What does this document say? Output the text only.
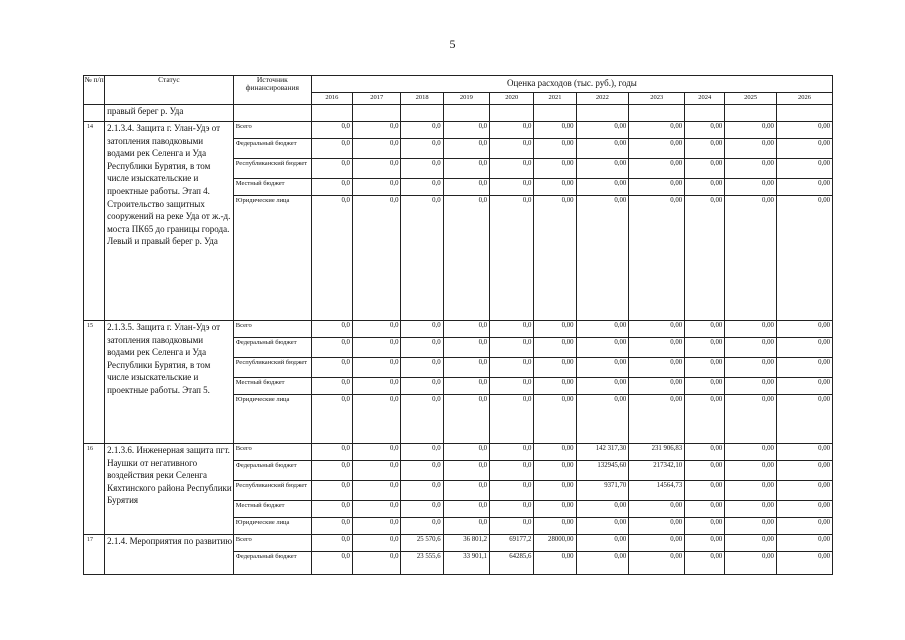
5
№ п/п	Статус	Источник финансирования	Оценка расходов (тыс. руб.), годы										
			2016	2017	2018	2019	2020	2021	2022	2023	2024	2025	2026
	правый берег р. Уда												
14	2.1.3.4. Защита г. Улан-Удэ от затопления паводковыми водами рек Селенга и Уда Республики Бурятия, в том числе изыскательские и проектные работы. Этап 4. Строительство защитных сооружений на реке Уда от ж.-д. моста ПК65 до границы города. Левый и правый берег р. Уда	Всего	0,0	0,0	0,0	0,0	0,0	0,00	0,00	0,00	0,00	0,00	0,00
		Федеральный бюджет	0,0	0,0	0,0	0,0	0,0	0,00	0,00	0,00	0,00	0,00	0,00
		Республиканский бюджет	0,0	0,0	0,0	0,0	0,0	0,00	0,00	0,00	0,00	0,00	0,00
		Местный бюджет	0,0	0,0	0,0	0,0	0,0	0,00	0,00	0,00	0,00	0,00	0,00
		Юридические лица	0,0	0,0	0,0	0,0	0,0	0,00	0,00	0,00	0,00	0,00	0,00
15	2.1.3.5. Защита г. Улан-Удэ от затопления паводковыми водами рек Селенга и Уда Республики Бурятия, в том числе изыскательские и проектные работы. Этап 5.	Всего	0,0	0,0	0,0	0,0	0,0	0,00	0,00	0,00	0,00	0,00	0,00
		Федеральный бюджет	0,0	0,0	0,0	0,0	0,0	0,00	0,00	0,00	0,00	0,00	0,00
		Республиканский бюджет	0,0	0,0	0,0	0,0	0,0	0,00	0,00	0,00	0,00	0,00	0,00
		Местный бюджет	0,0	0,0	0,0	0,0	0,0	0,00	0,00	0,00	0,00	0,00	0,00
		Юридические лица	0,0	0,0	0,0	0,0	0,0	0,00	0,00	0,00	0,00	0,00	0,00
16	2.1.3.6. Инженерная защита пгт. Наушки от негативного воздействия реки Селенга Кяхтинского района Республики Бурятия	Всего	0,0	0,0	0,0	0,0	0,0	0,00	142 317,30	231 906,83	0,00	0,00	0,00
		Федеральный бюджет	0,0	0,0	0,0	0,0	0,0	0,00	132945,60	217342,10	0,00	0,00	0,00
		Республиканский бюджет	0,0	0,0	0,0	0,0	0,0	0,00	9371,70	14564,73	0,00	0,00	0,00
		Местный бюджет	0,0	0,0	0,0	0,0	0,0	0,00	0,00	0,00	0,00	0,00	0,00
		Юридические лица	0,0	0,0	0,0	0,0	0,0	0,00	0,00	0,00	0,00	0,00	0,00
17	2.1.4. Мероприятия по развитию	Всего	0,0	0,0	25 570,6	36 801,2	69177,2	28000,00	0,00	0,00	0,00	0,00	0,00
		Федеральный бюджет	0,0	0,0	23 555,6	33 901,1	64285,6	0,00	0,00	0,00	0,00	0,00	0,00
